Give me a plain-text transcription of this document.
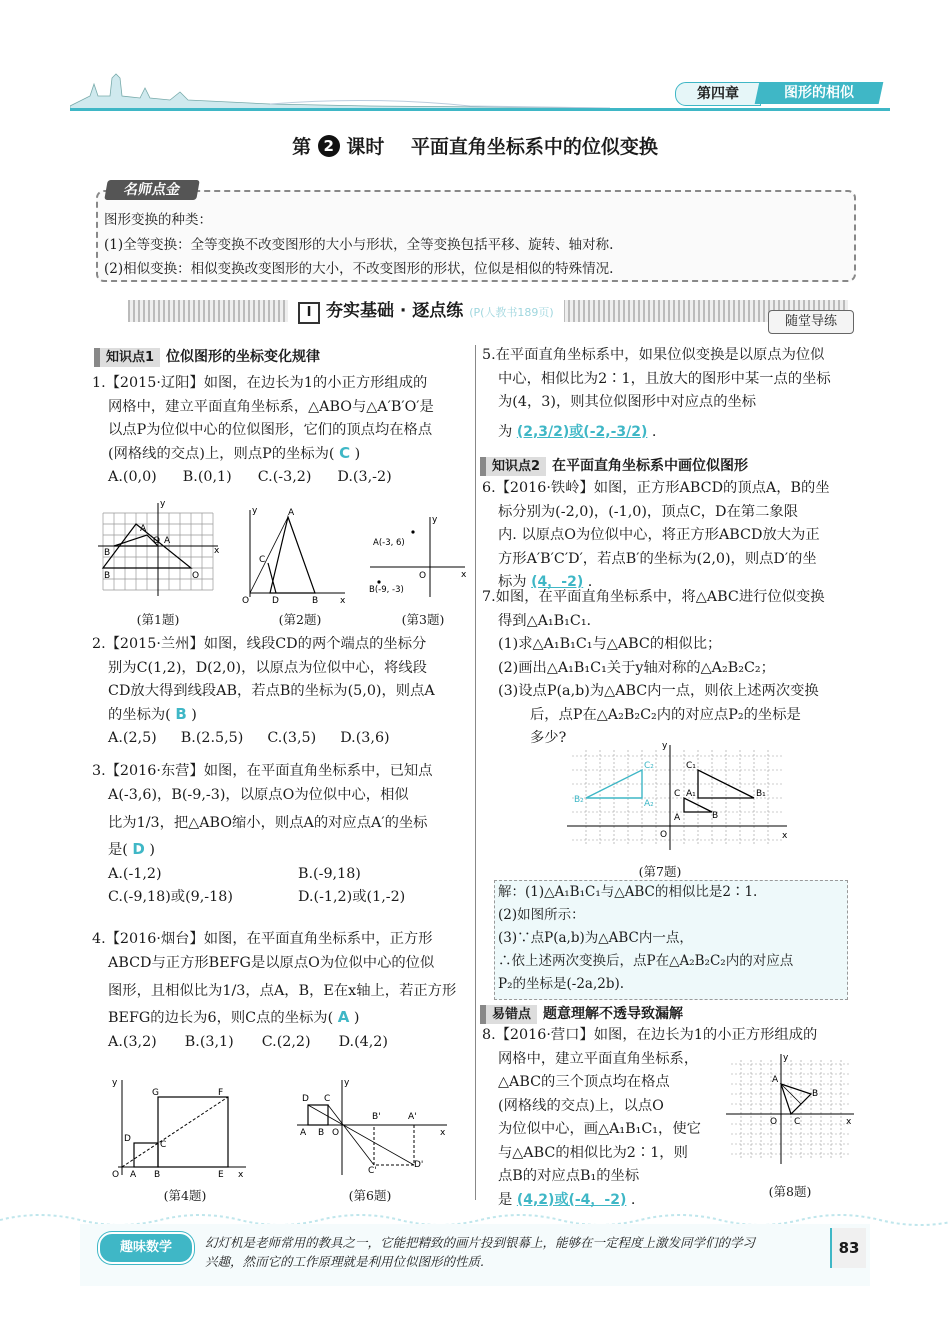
第四章	图形的相似
第 2 课时 平面直角坐标系中的位似变换
名师点金
图形变换的种类：
(1)全等变换：全等变换不改变图形的大小与形状，全等变换包括平移、旋转、轴对称.
(2)相似变换：相似变换改变图形的大小，不改变图形的形状，位似是相似的特殊情况.
I 夯实基础 · 逐点练 (P(人教书189页)
随堂导练
知识点1 位似图形的坐标变化规律
1.【2015·辽阳】如图，在边长为1的小正方形组成的
网格中，建立平面直角坐标系，△ABO与△A′B′O′是
以点P为位似中心的位似图形，它们的顶点均在格点
(网格线的交点)上，则点P的坐标为( C )
A.(0,0) B.(0,1) C.(-3,2) D.(3,-2)
A
B
O A
B	O
y
x
A
C
O	D	B
y
x
A(-3, 6)
B(-9, -3)
O
y
x
(第1题)	(第2题)	(第3题)
2.【2015·兰州】如图，线段CD的两个端点的坐标分
别为C(1,2)，D(2,0)，以原点为位似中心，将线段
CD放大得到线段AB，若点B的坐标为(5,0)，则点A
的坐标为( B )
A.(2,5) B.(2.5,5) C.(3,5) D.(3,6)
3.【2016·东营】如图，在平面直角坐标系中，已知点
A(-3,6)，B(-9,-3)，以原点O为位似中心，相似
比为1/3，把△ABO缩小，则点A的对应点A′的坐标
是( D )
A.(-1,2)	B.(-9,18)
C.(-9,18)或(9,-18)	D.(-1,2)或(1,-2)
4.【2016·烟台】如图，在平面直角坐标系中，正方形
ABCD与正方形BEFG是以原点O为位似中心的位似
图形，且相似比为1/3，点A，B，E在x轴上，若正方形
BEFG的边长为6，则C点的坐标为( A )
A.(3,2) B.(3,1) C.(2,2) D.(4,2)
G	F
D
C
O A B	E
y
x
D C
A B O
B'	A'
C'
D'
y
x
(第4题)	(第6题)
5.在平面直角坐标系中，如果位似变换是以原点为位似
中心，相似比为2∶1，且放大的图形中某一点的坐标
为(4，3)，则其位似图形中对应点的坐标
为 (2,3/2)或(-2,-3/2) .
知识点2 在平面直角坐标系中画位似图形
6.【2016·铁岭】如图，正方形ABCD的顶点A，B的坐
标分别为(-2,0)，(-1,0)，顶点C，D在第二象限
内. 以原点O为位似中心，将正方形ABCD放大为正
方形A′B′C′D′，若点B′的坐标为(2,0)，则点D′的坐
标为 (4，-2) .
7.如图，在平面直角坐标系中，将△ABC进行位似变换
得到△A₁B₁C₁.
(1)求△A₁B₁C₁与△ABC的相似比；
(2)画出△A₁B₁C₁关于y轴对称的△A₂B₂C₂；
(3)设点P(a,b)为△ABC内一点，则依上述两次变换
后，点P在△A₂B₂C₂内的对应点P₂的坐标是
多少?
C₂
B₂	A₂
C₁
C A₁	B₁
A	B
O
y
x
(第7题)
解：(1)△A₁B₁C₁与△ABC的相似比是2∶1.
(2)如图所示：
(3)∵点P(a,b)为△ABC内一点，
∴依上述两次变换后，点P在△A₂B₂C₂内的对应点
P₂的坐标是(-2a,2b).
易错点 题意理解不透导致漏解
8.【2016·营口】如图，在边长为1的小正方形组成的
网格中，建立平面直角坐标系，
△ABC的三个顶点均在格点
(网格线的交点)上，以点O
为位似中心，画△A₁B₁C₁，使它
与△ABC的相似比为2∶1，则
点B的对应点B₁的坐标
是 (4,2)或(-4，-2) .
A
B
C
O
y
x
(第8题)
趣味数学	幻灯机是老师常用的教具之一，它能把精致的画片投到银幕上，能够在一定程度上激发同学们的学习
兴趣，然而它的工作原理就是利用位似图形的性质.
83
